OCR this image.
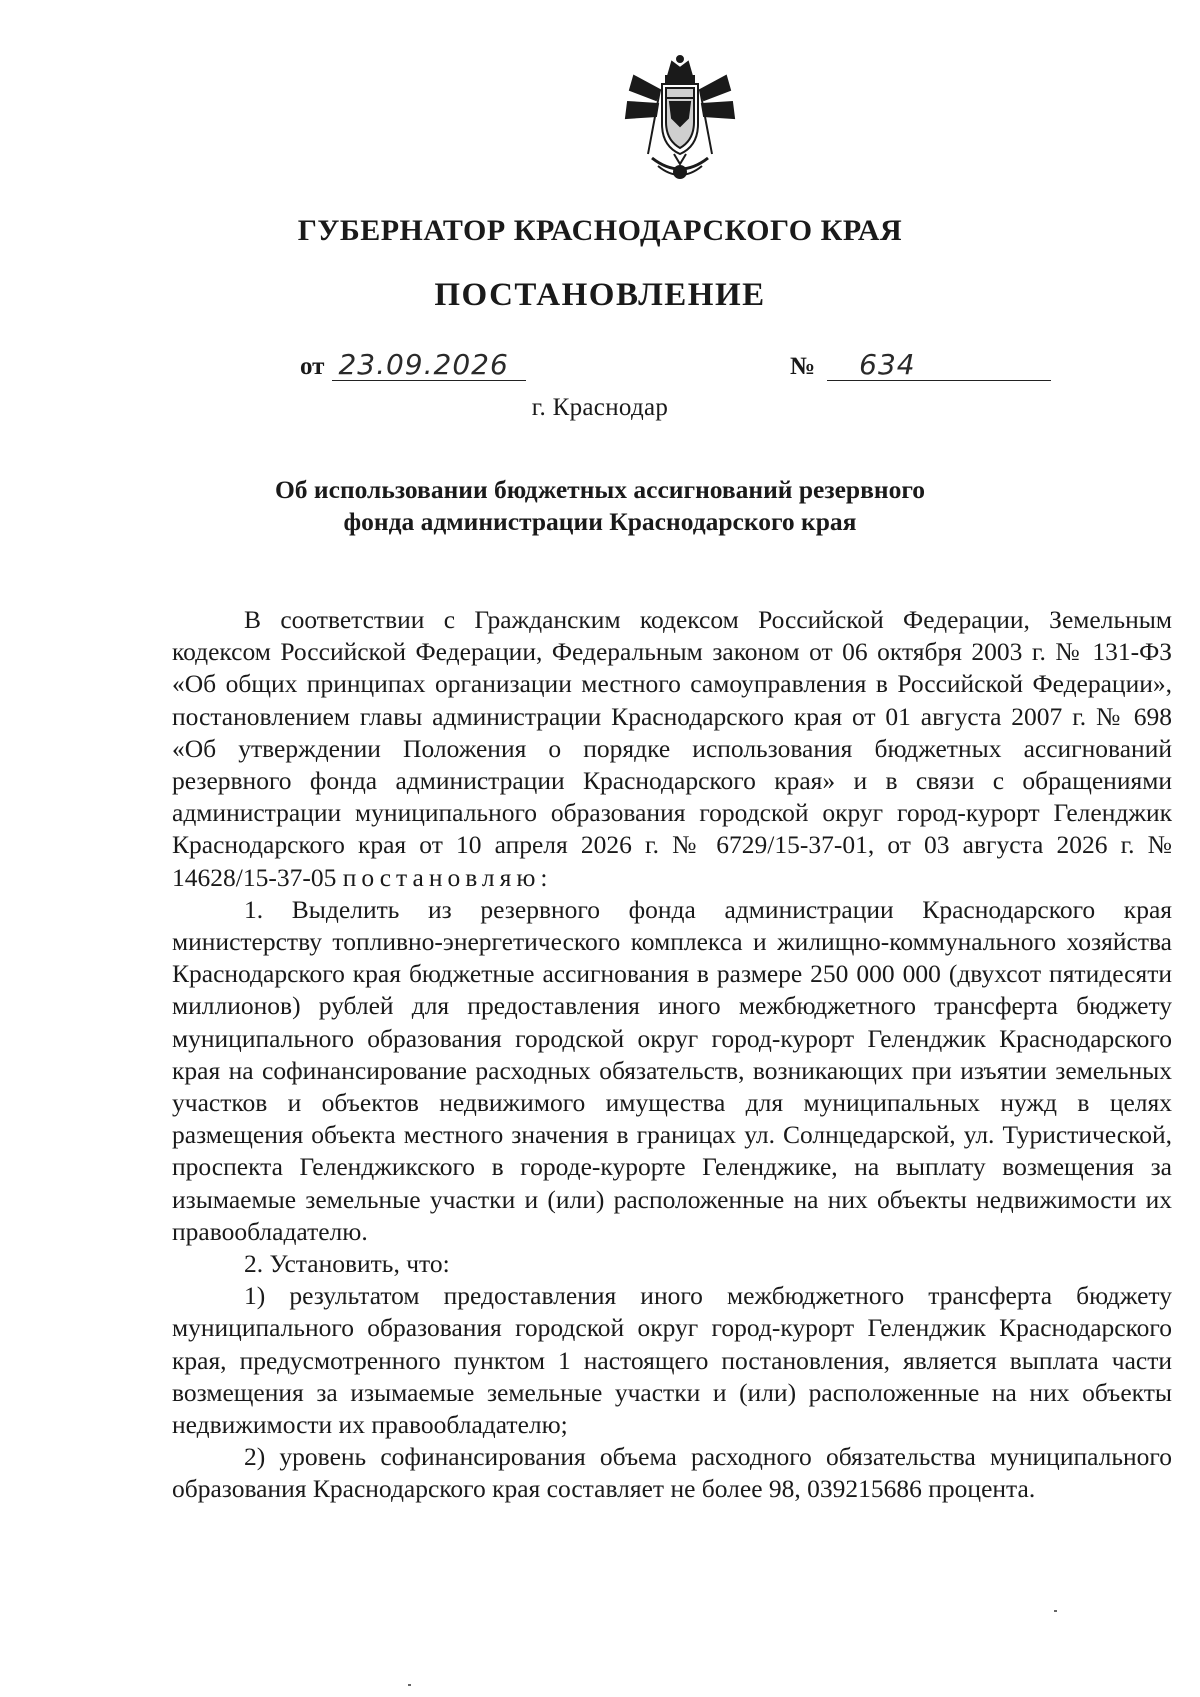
ГУБЕРНАТОР КРАСНОДАРСКОГО КРАЯ
ПОСТАНОВЛЕНИЕ
от 23.09.2026	№ 634
г. Краснодар
Об использовании бюджетных ассигнований резервного
фонда администрации Краснодарского края

В соответствии с Гражданским кодексом Российской Федерации, Земельным кодексом Российской Федерации, Федеральным законом от 06 октября 2003 г. № 131-ФЗ «Об общих принципах организации местного самоуправления в Российской Федерации», постановлением главы администрации Краснодарского края от 01 августа 2007 г. № 698 «Об утверждении Положения о порядке использования бюджетных ассигнований резервного фонда администрации Краснодарского края» и в связи с обращениями администрации муниципального образования городской округ город-курорт Геленджик Краснодарского края от 10 апреля 2026 г. № 6729/15-37-01, от 03 августа 2026 г. № 14628/15-37-05 постановляю:

1. Выделить из резервного фонда администрации Краснодарского края министерству топливно-энергетического комплекса и жилищно-коммунального хозяйства Краснодарского края бюджетные ассигнования в размере 250 000 000 (двухсот пятидесяти миллионов) рублей для предоставления иного межбюджетного трансферта бюджету муниципального образования городской округ город-курорт Геленджик Краснодарского края на софинансирование расходных обязательств, возникающих при изъятии земельных участков и объектов недвижимого имущества для муниципальных нужд в целях размещения объекта местного значения в границах ул. Солнцедарской, ул. Туристической, проспекта Геленджикского в городе-курорте Геленджике, на выплату возмещения за изымаемые земельные участки и (или) расположенные на них объекты недвижимости их правообладателю.

2. Установить, что:

1) результатом предоставления иного межбюджетного трансферта бюджету муниципального образования городской округ город-курорт Геленджик Краснодарского края, предусмотренного пунктом 1 настоящего постановления, является выплата части возмещения за изымаемые земельные участки и (или) расположенные на них объекты недвижимости их правообладателю;

2) уровень софинансирования объема расходного обязательства муниципального образования Краснодарского края составляет не более 98, 039215686 процента.
